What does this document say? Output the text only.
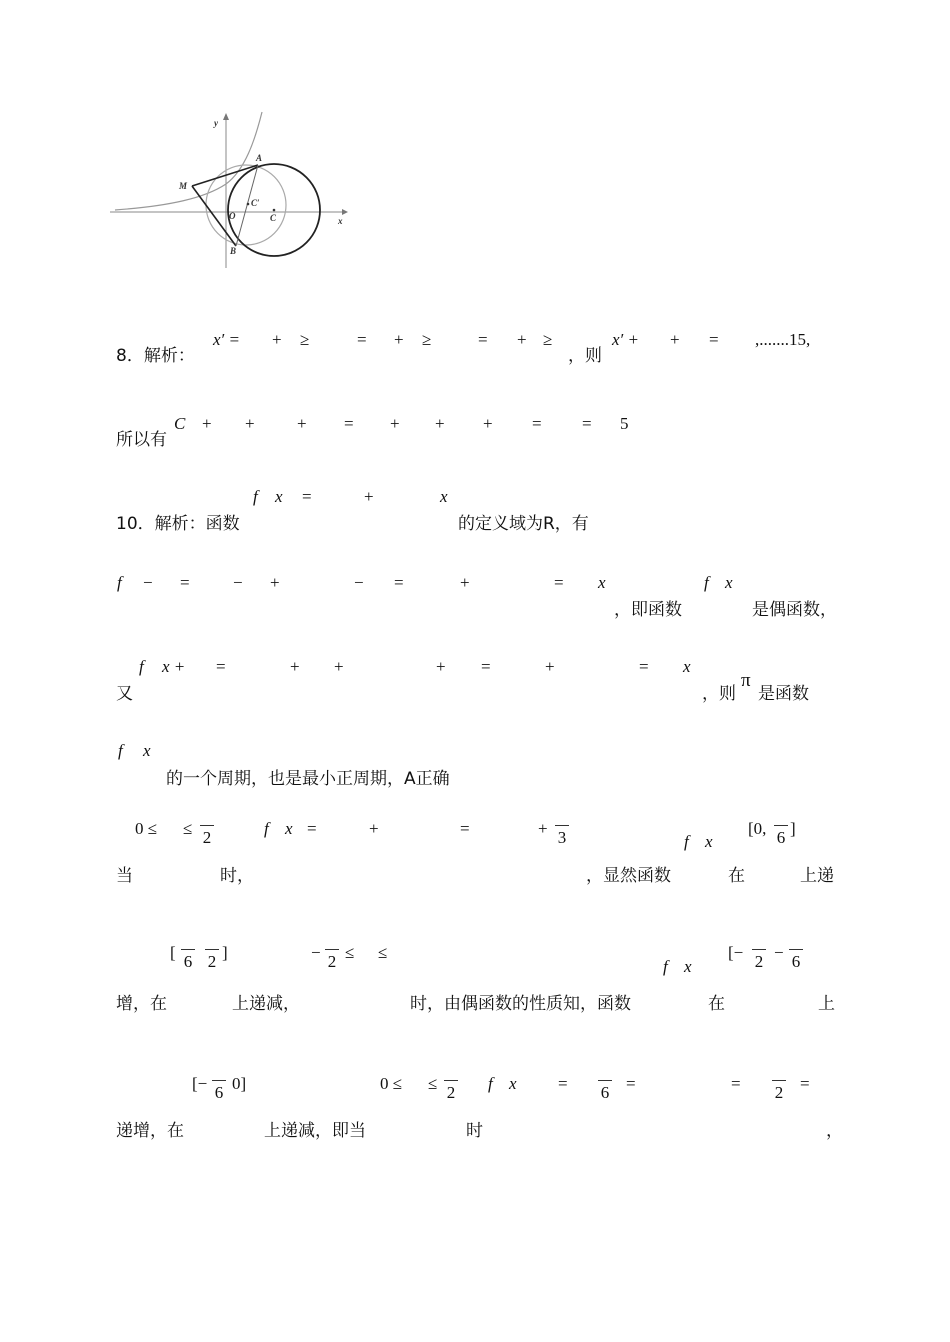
y
x
A
M
O
C′
C
B
8．解析：
x′ = + ≥	= + ≥	= + ≥
，则
x′ + + = ,.......15,
所以有
C + + + = + + + = = 5
10．解析：函数
f x =	+	x
的定义域为R，有
f − =	− +	− =	+	= x	f x
，即函数	是偶函数，
f x + =	+ +	+ =	+	= x
又	，则
π
是函数
f x
的一个周期，也是最小正周期，A正确
0 ≤ ≤ 2	f x =	+	=	+ 3	f x
[0, 6 ]
当	时，	，显然函数	在	上递
[ 6 2 ]	− 2 ≤ ≤
f x
[− 2 − 6
增，在	上递减，	时，由偶函数的性质知，函数	在	上
[− 6 0]	0 ≤ ≤ 2 f x = 6 =	= 2 =
递增，在	上递减，即当	时	，
